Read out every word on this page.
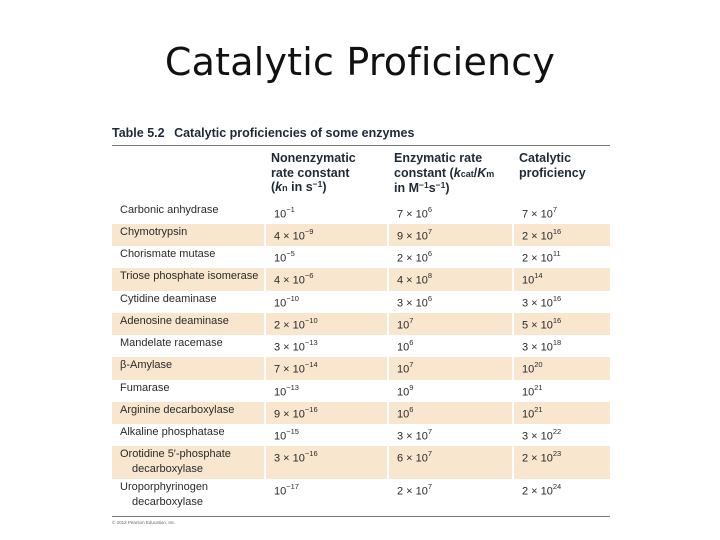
Catalytic Proficiency
Table 5.2 Catalytic proficiencies of some enzymes
	Nonenzymatic
rate constant
(kn in $s^{-1}$)	Enzymatic rate
constant (kcat/Km
in $M^{-1}s^{-1}$)	Catalytic
proficiency
Carbonic anhydrase	$10^{-1}$	$7 \times 10^6$	$7 \times 10^7$
Chymotrypsin	$4 \times 10^{-9}$	$9 \times 10^7$	$2 \times 10^{16}$
Chorismate mutase	$10^{-5}$	$2 \times 10^6$	$2 \times 10^{11}$
Triose phosphate isomerase	$4 \times 10^{-6}$	$4 \times 10^8$	$10^{14}$
Cytidine deaminase	$10^{-10}$	$3 \times 10^6$	$3 \times 10^{16}$
Adenosine deaminase	$2 \times 10^{-10}$	$10^7$	$5 \times 10^{16}$
Mandelate racemase	$3 \times 10^{-13}$	$10^6$	$3 \times 10^{18}$
β-Amylase	$7 \times 10^{-14}$	$10^7$	$10^{20}$
Fumarase	$10^{-13}$	$10^9$	$10^{21}$
Arginine decarboxylase	$9 \times 10^{-16}$	$10^6$	$10^{21}$
Alkaline phosphatase	$10^{-15}$	$3 \times 10^7$	$3 \times 10^{22}$
Orotidine 5′-phosphate
decarboxylase	$3 \times 10^{-16}$	$6 \times 10^7$	$2 \times 10^{23}$
Uroporphyrinogen
decarboxylase	$10^{-17}$	$2 \times 10^7$	$2 \times 10^{24}$
© 2012 Pearson Education, Inc.
